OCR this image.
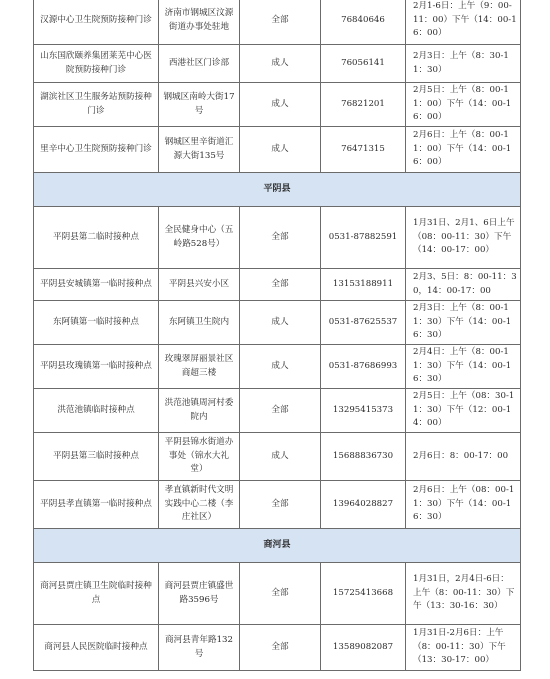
汉源中心卫生院预防接种门诊	济南市钢城区汶源街道办事处驻地	全部	76840646	2月1-6日：上午（9：00-11：00）下午（14：00-16：00）
山东国欣颐养集团莱芜中心医院预防接种门诊	西港社区门诊部	成人	76056141	2月3日：上午（8：30-11：30）
湖滨社区卫生服务站预防接种门诊	钢城区南岭大街17号	成人	76821201	2月5日：上午（8：00-11：00）下午（14：00-16：00）
里辛中心卫生院预防接种门诊	钢城区里辛街道汇源大街135号	成人	76471315	2月6日：上午（8：00-11：00）下午（14：00-16：00）
平阴县				
平阴县第二临时接种点	全民健身中心（五岭路528号）	全部	0531-87882591	1月31日、2月1、6日上午（08：00-11：30）下午（14：00-17：00）
平阴县安城镇第一临时接种点	平阴县兴安小区	全部	13153188911	2月3、5日：8：00-11：30，14：00-17：00
东阿镇第一临时接种点	东阿镇卫生院内	成人	0531-87625537	2月3日：上午（8：00-11：30）下午（14：00-16：30）
平阴县玫瑰镇第一临时接种点	玫瑰翠屏丽景社区商超三楼	成人	0531-87686993	2月4日：上午（8：00-11：30）下午（14：00-16：30）
洪范池镇临时接种点	洪范池镇周河村委院内	全部	13295415373	2月5日：上午（08：30-11：30）下午（12：00-14：00）
平阴县第三临时接种点	平阴县锦水街道办事处（锦水大礼堂）	成人	15688836730	2月6日：8：00-17：00
平阴县孝直镇第一临时接种点	孝直镇新时代文明实践中心二楼（李庄社区）	全部	13964028827	2月6日：上午（08：00-11：30）下午（14：00-16：30）
商河县				
商河县贾庄镇卫生院临时接种点	商河县贾庄镇盛世路3596号	全部	15725413668	1月31日，2月4日-6日：上午（8：00-11：30）下午（13：30-16：30）
商河县人民医院临时接种点	商河县青年路132号	全部	13589082087	1月31日-2月6日：上午（8：00-11：30）下午（13：30-17：00）
